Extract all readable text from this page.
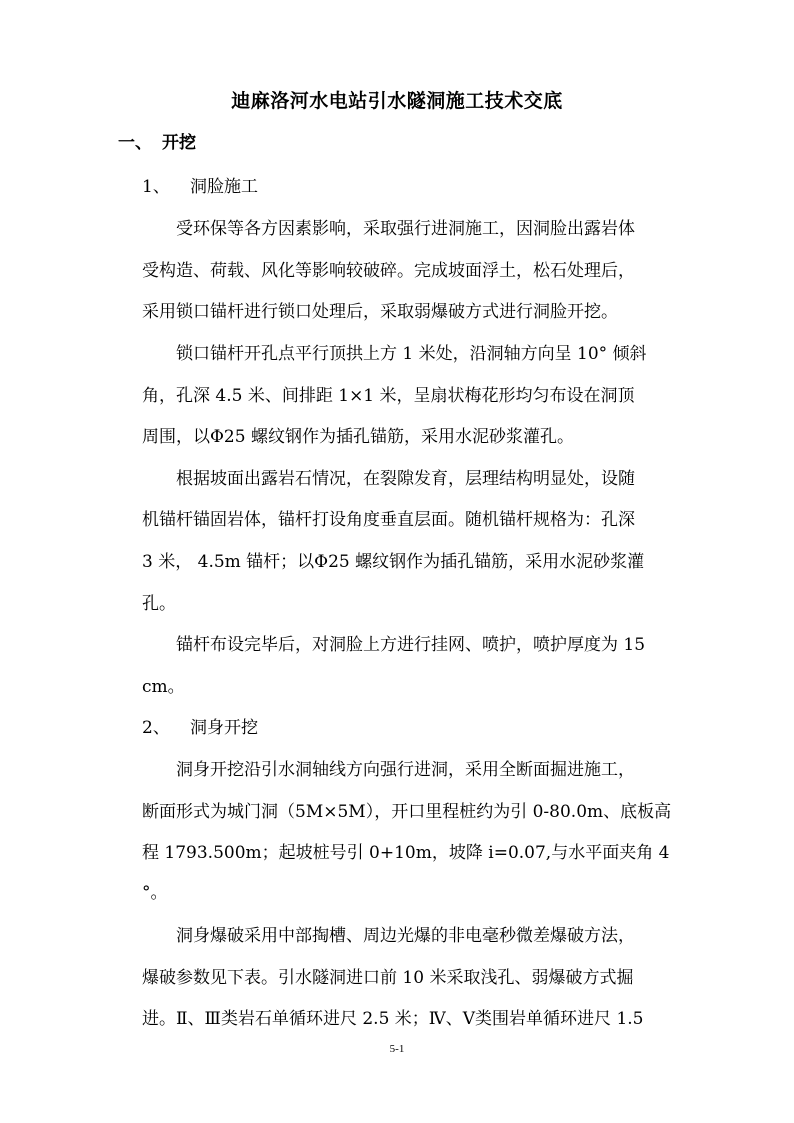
迪麻洛河水电站引水隧洞施工技术交底
一、 开挖
1、 洞脸施工
受环保等各方因素影响，采取强行进洞施工，因洞脸出露岩体
受构造、荷载、风化等影响较破碎。完成坡面浮土，松石处理后，
采用锁口锚杆进行锁口处理后，采取弱爆破方式进行洞脸开挖。
锁口锚杆开孔点平行顶拱上方 1 米处，沿洞轴方向呈 10° 倾斜
角，孔深 4.5 米、间排距 1×1 米，呈扇状梅花形均匀布设在洞顶
周围，以Φ25 螺纹钢作为插孔锚筋，采用水泥砂浆灌孔。
根据坡面出露岩石情况，在裂隙发育，层理结构明显处，设随
机锚杆锚固岩体，锚杆打设角度垂直层面。随机锚杆规格为：孔深
3 米， 4.5m 锚杆；以Φ25 螺纹钢作为插孔锚筋，采用水泥砂浆灌
孔。
锚杆布设完毕后，对洞脸上方进行挂网、喷护，喷护厚度为 15
cm。
2、 洞身开挖
洞身开挖沿引水洞轴线方向强行进洞，采用全断面掘进施工，
断面形式为城门洞（5M×5M），开口里程桩约为引 0-80.0m、底板高
程 1793.500m；起坡桩号引 0+10m，坡降 i=0.07,与水平面夹角 4
°。
洞身爆破采用中部掏槽、周边光爆的非电毫秒微差爆破方法，
爆破参数见下表。引水隧洞进口前 10 米采取浅孔、弱爆破方式掘
进。Ⅱ、Ⅲ类岩石单循环进尺 2.5 米；Ⅳ、Ⅴ类围岩单循环进尺 1.5
5-1
